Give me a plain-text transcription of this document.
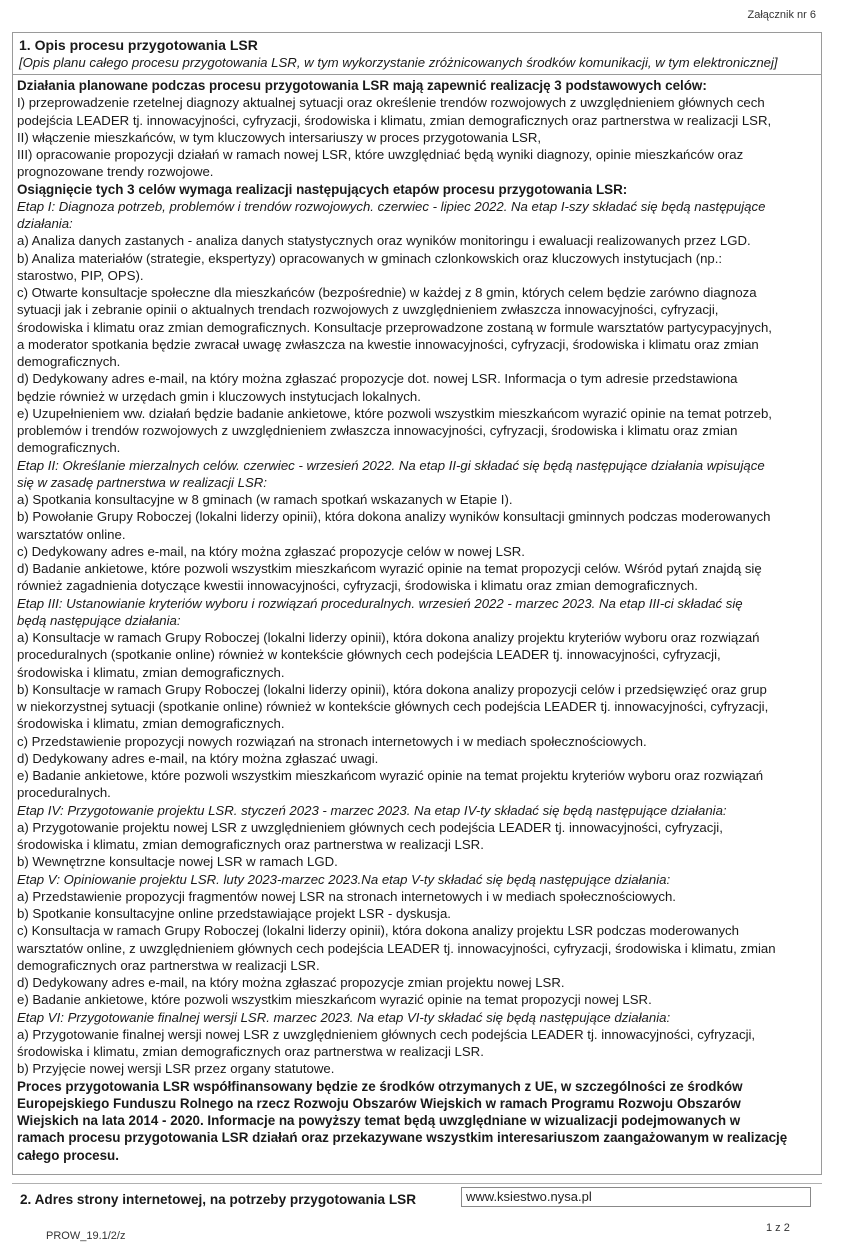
Załącznik nr 6
1. Opis procesu przygotowania LSR
[Opis planu całego procesu przygotowania LSR, w tym wykorzystanie zróżnicowanych środków komunikacji, w tym elektronicznej]

Działania planowane podczas procesu przygotowania LSR mają zapewnić realizację 3 podstawowych celów:

I) przeprowadzenie rzetelnej diagnozy aktualnej sytuacji oraz określenie trendów rozwojowych z uwzględnieniem głównych cech

podejścia LEADER tj. innowacyjności, cyfryzacji, środowiska i klimatu, zmian demograficznych oraz partnerstwa w realizacji LSR,

II) włączenie mieszkańców, w tym kluczowych intersariuszy w proces przygotowania LSR,

III) opracowanie propozycji działań w ramach nowej LSR, które uwzględniać będą wyniki diagnozy, opinie mieszkańców oraz

prognozowane trendy rozwojowe.

Osiągnięcie tych 3 celów wymaga realizacji następujących etapów procesu przygotowania LSR:

Etap I: Diagnoza potrzeb, problemów i trendów rozwojowych. czerwiec - lipiec 2022. Na etap I-szy składać się będą następujące

działania:

a) Analiza danych zastanych - analiza danych statystycznych oraz wyników monitoringu i ewaluacji realizowanych przez LGD.

b) Analiza materiałów (strategie, ekspertyzy) opracowanych w gminach czlonkowskich oraz kluczowych instytucjach (np.:

starostwo, PIP, OPS).

c) Otwarte konsultacje społeczne dla mieszkańców (bezpośrednie) w każdej z 8 gmin, których celem będzie zarówno diagnoza

sytuacji jak i zebranie opinii o aktualnych trendach rozwojowych z uwzględnieniem zwłaszcza innowacyjności, cyfryzacji,

środowiska i klimatu oraz zmian demograficznych. Konsultacje przeprowadzone zostaną w formule warsztatów partycypacyjnych,

a moderator spotkania będzie zwracał uwagę zwłaszcza na kwestie innowacyjności, cyfryzacji, środowiska i klimatu oraz zmian

demograficznych.

d) Dedykowany adres e-mail, na który można zgłaszać propozycje dot. nowej LSR. Informacja o tym adresie przedstawiona

będzie również w urzędach gmin i kluczowych instytucjach lokalnych.

e) Uzupełnieniem ww. działań będzie badanie ankietowe, które pozwoli wszystkim mieszkańcom wyrazić opinie na temat potrzeb,

problemów i trendów rozwojowych z uwzględnieniem zwłaszcza innowacyjności, cyfryzacji, środowiska i klimatu oraz zmian

demograficznych.

Etap II: Określanie mierzalnych celów. czerwiec - wrzesień 2022. Na etap II-gi składać się będą następujące działania wpisujące

się w zasadę partnerstwa w realizacji LSR:

a) Spotkania konsultacyjne w 8 gminach (w ramach spotkań wskazanych w Etapie I).

b) Powołanie Grupy Roboczej (lokalni liderzy opinii), która dokona analizy wyników konsultacji gminnych podczas moderowanych

warsztatów online.

c) Dedykowany adres e-mail, na który można zgłaszać propozycje celów w nowej LSR.

d) Badanie ankietowe, które pozwoli wszystkim mieszkańcom wyrazić opinie na temat propozycji celów. Wśród pytań znajdą się

również zagadnienia dotyczące kwestii innowacyjności, cyfryzacji, środowiska i klimatu oraz zmian demograficznych.

Etap III: Ustanowianie kryteriów wyboru i rozwiązań proceduralnych. wrzesień 2022 - marzec 2023. Na etap III-ci składać się

będą następujące działania:

a) Konsultacje w ramach Grupy Roboczej (lokalni liderzy opinii), która dokona analizy projektu kryteriów wyboru oraz rozwiązań

proceduralnych (spotkanie online) również w kontekście głównych cech podejścia LEADER tj. innowacyjności, cyfryzacji,

środowiska i klimatu, zmian demograficznych.

b) Konsultacje w ramach Grupy Roboczej (lokalni liderzy opinii), która dokona analizy propozycji celów i przedsięwzięć oraz grup

w niekorzystnej sytuacji (spotkanie online) również w kontekście głównych cech podejścia LEADER tj. innowacyjności, cyfryzacji,

środowiska i klimatu, zmian demograficznych.

c) Przedstawienie propozycji nowych rozwiązań na stronach internetowych i w mediach społecznościowych.

d) Dedykowany adres e-mail, na który można zgłaszać uwagi.

e) Badanie ankietowe, które pozwoli wszystkim mieszkańcom wyrazić opinie na temat projektu kryteriów wyboru oraz rozwiązań

proceduralnych.

Etap IV: Przygotowanie projektu LSR. styczeń 2023 - marzec 2023. Na etap IV-ty składać się będą następujące działania:

a) Przygotowanie projektu nowej LSR z uwzględnieniem głównych cech podejścia LEADER tj. innowacyjności, cyfryzacji,

środowiska i klimatu, zmian demograficznych oraz partnerstwa w realizacji LSR.

b) Wewnętrzne konsultacje nowej LSR w ramach LGD.

Etap V: Opiniowanie projektu LSR. luty 2023-marzec 2023.Na etap V-ty składać się będą następujące działania:

a) Przedstawienie propozycji fragmentów nowej LSR na stronach internetowych i w mediach społecznościowych.

b) Spotkanie konsultacyjne online przedstawiające projekt LSR - dyskusja.

c) Konsultacja w ramach Grupy Roboczej (lokalni liderzy opinii), która dokona analizy projektu LSR podczas moderowanych

warsztatów online, z uwzględnieniem głównych cech podejścia LEADER tj. innowacyjności, cyfryzacji, środowiska i klimatu, zmian

demograficznych oraz partnerstwa w realizacji LSR.

d) Dedykowany adres e-mail, na który można zgłaszać propozycje zmian projektu nowej LSR.

e) Badanie ankietowe, które pozwoli wszystkim mieszkańcom wyrazić opinie na temat propozycji nowej LSR.

Etap VI: Przygotowanie finalnej wersji LSR. marzec 2023. Na etap VI-ty składać się będą następujące działania:

a) Przygotowanie finalnej wersji nowej LSR z uwzględnieniem głównych cech podejścia LEADER tj. innowacyjności, cyfryzacji,

środowiska i klimatu, zmian demograficznych oraz partnerstwa w realizacji LSR.

b) Przyjęcie nowej wersji LSR przez organy statutowe.

Proces przygotowania LSR współfinansowany będzie ze środków otrzymanych z UE, w szczególności ze środków

Europejskiego Funduszu Rolnego na rzecz Rozwoju Obszarów Wiejskich w ramach Programu Rozwoju Obszarów

Wiejskich na lata 2014 - 2020. Informacje na powyższy temat będą uwzględniane w wizualizacji podejmowanych w

ramach procesu przygotowania LSR działań oraz przekazywane wszystkim interesariuszom zaangażowanym w realizację

całego procesu.

2. Adres strony internetowej, na potrzeby przygotowania LSR	www.ksiestwo.nysa.pl
PROW_19.1/2/z
1 z 2
